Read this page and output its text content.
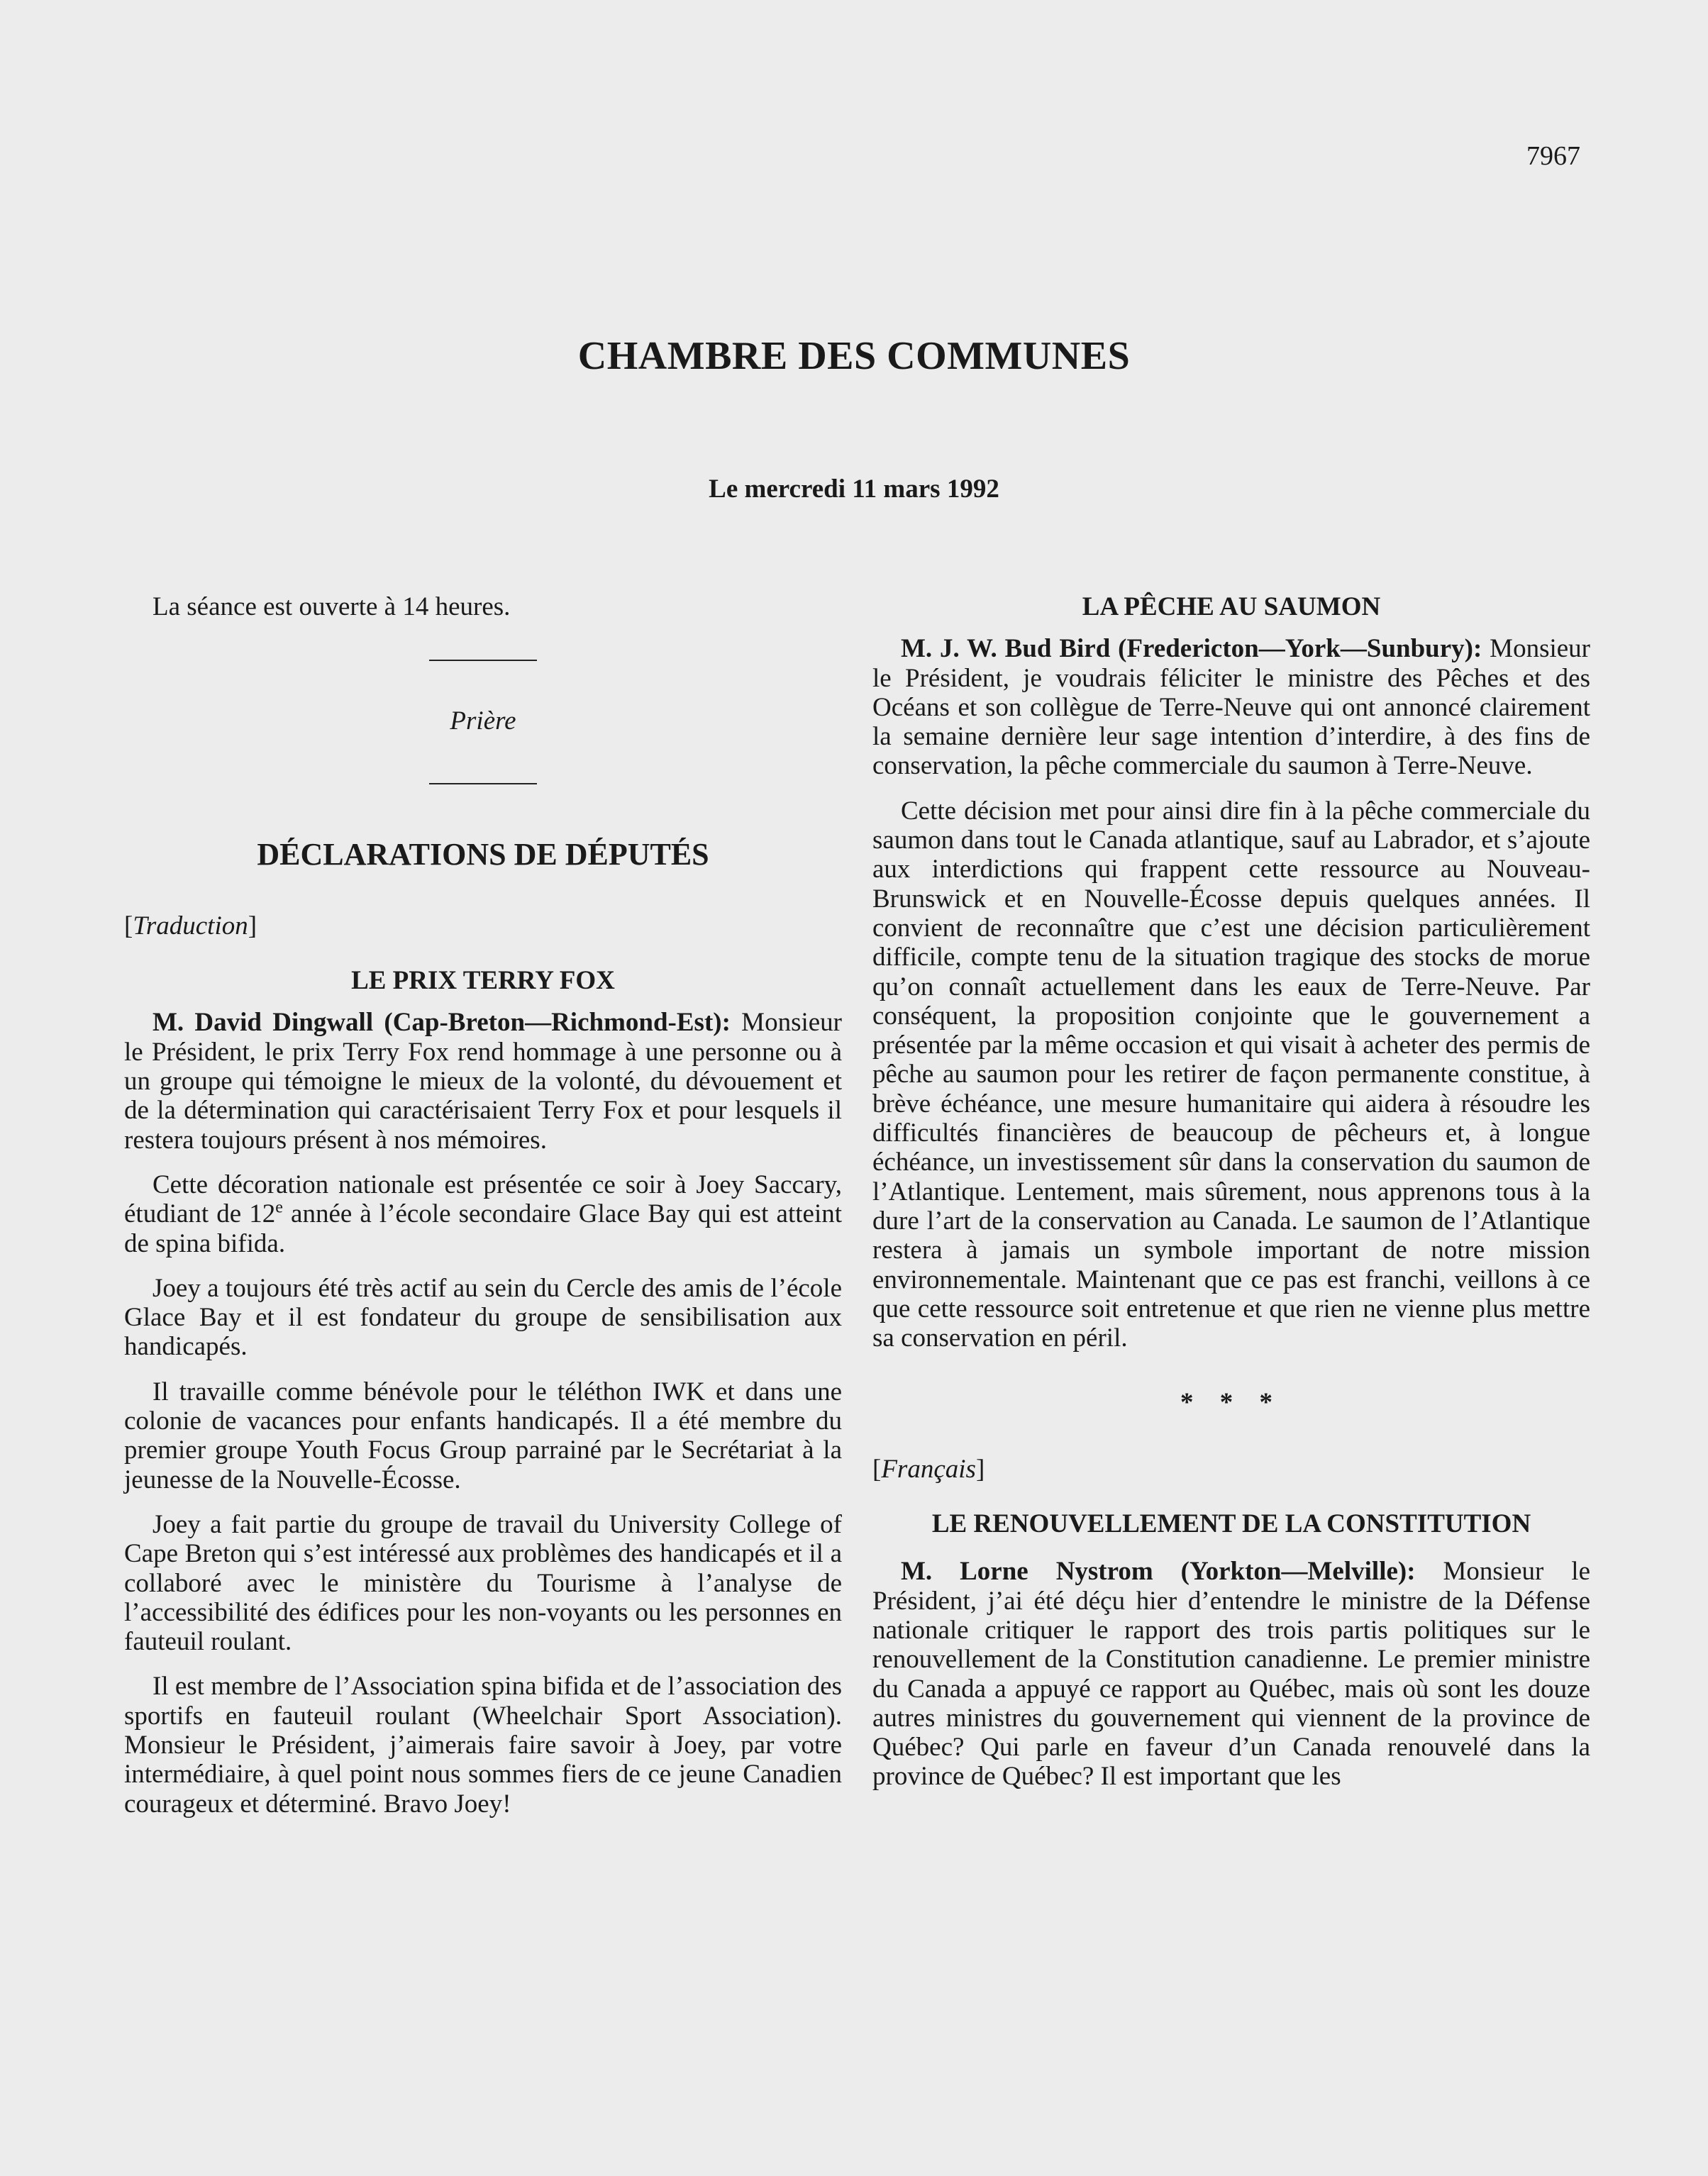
7967
CHAMBRE DES COMMUNES
Le mercredi 11 mars 1992

La séance est ouverte à 14 heures.

Prière

DÉCLARATIONS DE DÉPUTÉS

[Traduction]

LE PRIX TERRY FOX

M. David Dingwall (Cap-Breton—Richmond-Est): Monsieur le Président, le prix Terry Fox rend hommage à une personne ou à un groupe qui témoigne le mieux de la volonté, du dévouement et de la détermination qui caractérisaient Terry Fox et pour lesquels il restera toujours présent à nos mémoires.

Cette décoration nationale est présentée ce soir à Joey Saccary, étudiant de 12e année à l’école secondaire Glace Bay qui est atteint de spina bifida.

Joey a toujours été très actif au sein du Cercle des amis de l’école Glace Bay et il est fondateur du groupe de sensibilisation aux handicapés.

Il travaille comme bénévole pour le téléthon IWK et dans une colonie de vacances pour enfants handicapés. Il a été membre du premier groupe Youth Focus Group parrainé par le Secrétariat à la jeunesse de la Nouvelle-Écosse.

Joey a fait partie du groupe de travail du University College of Cape Breton qui s’est intéressé aux problèmes des handicapés et il a collaboré avec le ministère du Tourisme à l’analyse de l’accessibilité des édifices pour les non-voyants ou les personnes en fauteuil roulant.

Il est membre de l’Association spina bifida et de l’association des sportifs en fauteuil roulant (Wheelchair Sport Association). Monsieur le Président, j’aimerais faire savoir à Joey, par votre intermédiaire, à quel point nous sommes fiers de ce jeune Canadien courageux et déterminé. Bravo Joey!

LA PÊCHE AU SAUMON

M. J. W. Bud Bird (Fredericton—York—Sunbury): Monsieur le Président, je voudrais féliciter le ministre des Pêches et des Océans et son collègue de Terre-Neuve qui ont annoncé clairement la semaine dernière leur sage intention d’interdire, à des fins de conservation, la pêche commerciale du saumon à Terre-Neuve.

Cette décision met pour ainsi dire fin à la pêche commerciale du saumon dans tout le Canada atlantique, sauf au Labrador, et s’ajoute aux interdictions qui frappent cette ressource au Nouveau-Brunswick et en Nouvelle-Écosse depuis quelques années. Il convient de reconnaître que c’est une décision particulièrement difficile, compte tenu de la situation tragique des stocks de morue qu’on connaît actuellement dans les eaux de Terre-Neuve. Par conséquent, la proposition conjointe que le gouvernement a présentée par la même occasion et qui visait à acheter des permis de pêche au saumon pour les retirer de façon permanente constitue, à brève échéance, une mesure humanitaire qui aidera à résoudre les difficultés financières de beaucoup de pêcheurs et, à longue échéance, un investissement sûr dans la conservation du saumon de l’Atlantique. Lentement, mais sûrement, nous apprenons tous à la dure l’art de la conservation au Canada. Le saumon de l’Atlantique restera à jamais un symbole important de notre mission environnementale. Maintenant que ce pas est franchi, veillons à ce que cette ressource soit entretenue et que rien ne vienne plus mettre sa conservation en péril.

* * *

[Français]

LE RENOUVELLEMENT DE LA CONSTITUTION

M. Lorne Nystrom (Yorkton—Melville): Monsieur le Président, j’ai été déçu hier d’entendre le ministre de la Défense nationale critiquer le rapport des trois partis politiques sur le renouvellement de la Constitution canadienne. Le premier ministre du Canada a appuyé ce rapport au Québec, mais où sont les douze autres ministres du gouvernement qui viennent de la province de Québec? Qui parle en faveur d’un Canada renouvelé dans la province de Québec? Il est important que les
